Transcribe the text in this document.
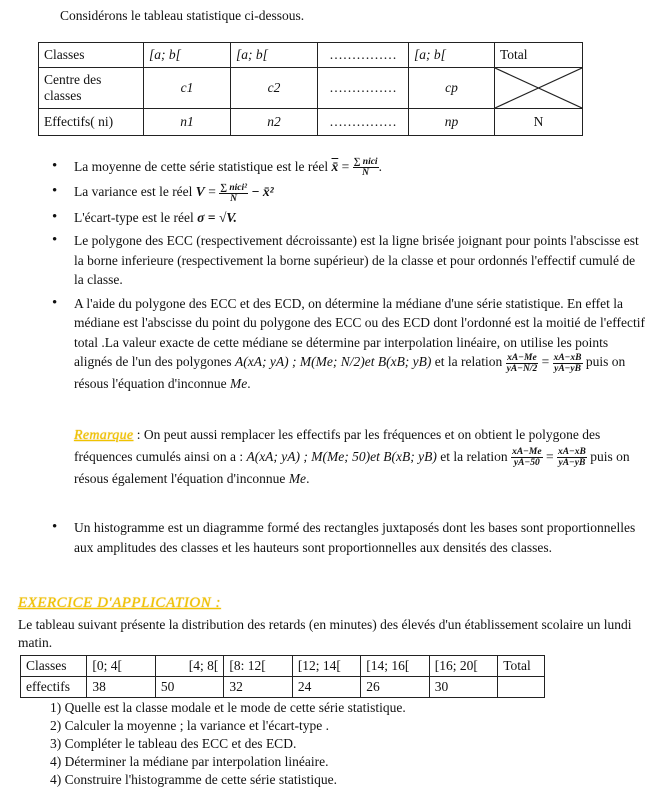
Considérons le tableau statistique ci-dessous.
Classes	[a; b[	[a; b[	……………	[a; b[	Total
Centre des classes	c1	c2	……………	cp	

Effectifs( ni)	n1	n2	……………	np	N
• La moyenne de cette série statistique est le réel x̄ = $\frac{\text{∑ nici}}{N}$ .
• La variance est le réel $V = \frac{\text{∑ nici²}}{N}$ − x̄²
• L'écart-type est le réel σ = √V.
• Le polygone des ECC (respectivement décroissante) est la ligne brisée joignant pour points l'abscisse est la borne inferieure (respectivement la borne supérieur) de la classe et pour ordonnés l'effectif cumulé de la classe.
• A l'aide du polygone des ECC et des ECD, on détermine la médiane d'une série statistique. En effet la médiane est l'abscisse du point du polygone des ECC ou des ECD dont l'ordonné est la moitié de l'effectif total .La valeur exacte de cette médiane se détermine par interpolation linéaire, on utilise les points alignés de l'un des polygones A(xA; yA) ; M(Me; N/2)et B(xB; yB) et la relation $\frac{xA-Me}{yA-N/2} = \frac{xA-xB}{yA-yB}$ puis on résous l'équation d'inconnue Me.
Remarque : On peut aussi remplacer les effectifs par les fréquences et on obtient le polygone des fréquences cumulés ainsi on a : A(xA; yA) ; M(Me; 50)et B(xB; yB) et la relation $\frac{xA-Me}{yA-50} = \frac{xA-xB}{yA-yB}$ puis on résous également l'équation d'inconnue Me.
• Un histogramme est un diagramme formé des rectangles juxtaposés dont les bases sont proportionnelles aux amplitudes des classes et les hauteurs sont proportionnelles aux densités des classes.
EXERCICE D'APPLICATION :
Le tableau suivant présente la distribution des retards (en minutes) des élevés d'un établissement scolaire un lundi matin.
Classes	[0; 4[	[4; 8[	[8: 12[	[12; 14[	[14; 16[	[16; 20[	Total
effectifs	38	50	32	24	26	30	
1) Quelle est la classe modale et le mode de cette série statistique.
2) Calculer la moyenne ; la variance et l'écart-type .
3) Compléter le tableau des ECC et des ECD.
4) Déterminer la médiane par interpolation linéaire.
4) Construire l'histogramme de cette série statistique.
